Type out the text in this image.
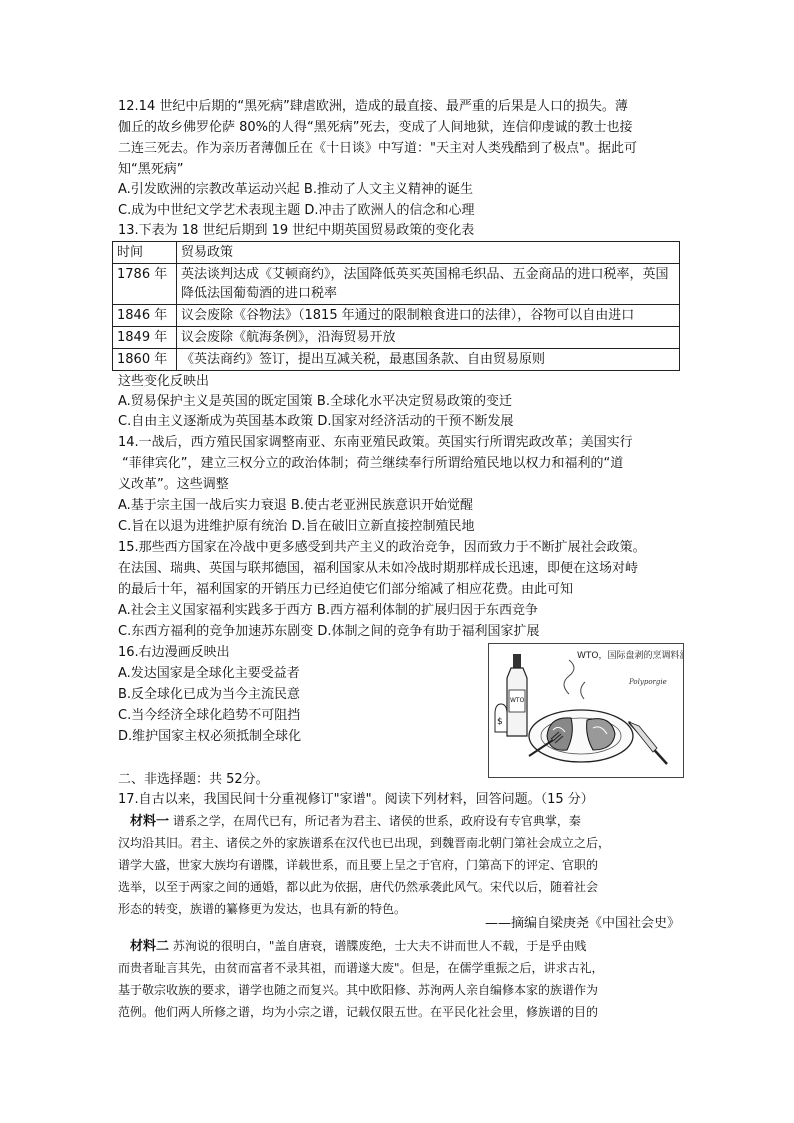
12.14 世纪中后期的“黑死病”肆虐欧洲，造成的最直接、最严重的后果是人口的损失。薄
伽丘的故乡佛罗伦萨 80%的人得“黑死病”死去，变成了人间地狱，连信仰虔诚的教士也接
二连三死去。作为亲历者薄伽丘在《十日谈》中写道："天主对人类残酷到了极点"。据此可
知“黑死病”
A.引发欧洲的宗教改革运动兴起 B.推动了人文主义精神的诞生
C.成为中世纪文学艺术表现主题 D.冲击了欧洲人的信念和心理
13.下表为 18 世纪后期到 19 世纪中期英国贸易政策的变化表
时间	贸易政策
1786 年	英法谈判达成《艾顿商约》，法国降低英买英国棉毛织品、五金商品的进口税率，英国降低法国葡萄酒的进口税率
1846 年	议会废除《谷物法》（1815 年通过的限制粮食进口的法律），谷物可以自由进口
1849 年	议会废除《航海条例》，沿海贸易开放
1860 年	《英法商约》签订，提出互减关税，最惠国条款、自由贸易原则
这些变化反映出
A.贸易保护主义是英国的既定国策 B.全球化水平决定贸易政策的变迁
C.自由主义逐渐成为英国基本政策 D.国家对经济活动的干预不断发展
14.一战后，西方殖民国家调整南亚、东南亚殖民政策。英国实行所谓宪政改革；美国实行
“菲律宾化”，建立三权分立的政治体制；荷兰继续奉行所谓给殖民地以权力和福利的“道
义改革”。这些调整
A.基于宗主国一战后实力衰退 B.使古老亚洲民族意识开始觉醒
C.旨在以退为进维护原有统治 D.旨在破旧立新直接控制殖民地
15.那些西方国家在冷战中更多感受到共产主义的政治竞争，因而致力于不断扩展社会政策。
在法国、瑞典、英国与联邦德国，福利国家从未如冷战时期那样成长迅速，即便在这场对峙
的最后十年，福利国家的开销压力已经迫使它们部分缩减了相应花费。由此可知
A.社会主义国家福利实践多于西方 B.西方福利体制的扩展归因于东西竞争
C.东西方福利的竞争加速苏东剧变 D.体制之间的竞争有助于福利国家扩展
16.右边漫画反映出
A.发达国家是全球化主要受益者
B.反全球化已成为当今主流民意
C.当今经济全球化趋势不可阻挡
D.维护国家主权必须抵制全球化
WTO，国际盘剥的烹调料酒
WTO
$
Polyporgie
二、非选择题：共 52分。
17.自古以来，我国民间十分重视修订"家谱"。阅读下列材料，回答问题。（15 分）
材料一 谱系之学，在周代已有，所记者为君主、诸侯的世系，政府设有专官典掌，秦
汉均沿其旧。君主、诸侯之外的家族谱系在汉代也已出现，到魏晋南北朝门第社会成立之后，
谱学大盛，世家大族均有谱牒，详载世系，而且要上呈之于官府，门第高下的评定、官职的
选举，以至于两家之间的通婚，都以此为依据，唐代仍然承袭此风气。宋代以后，随着社会
形态的转变，族谱的纂修更为发达，也具有新的特色。
——摘编自梁庚尧《中国社会史》
材料二 苏洵说的很明白，"盖自唐衰，谱牒废绝，士大夫不讲而世人不载，于是乎由贱
而贵者耻言其先，由贫而富者不录其祖，而谱遂大废"。但是，在儒学重振之后，讲求古礼，
基于敬宗收族的要求，谱学也随之而复兴。其中欧阳修、苏洵两人亲自编修本家的族谱作为
范例。他们两人所修之谱，均为小宗之谱，记载仅限五世。在平民化社会里，修族谱的目的
